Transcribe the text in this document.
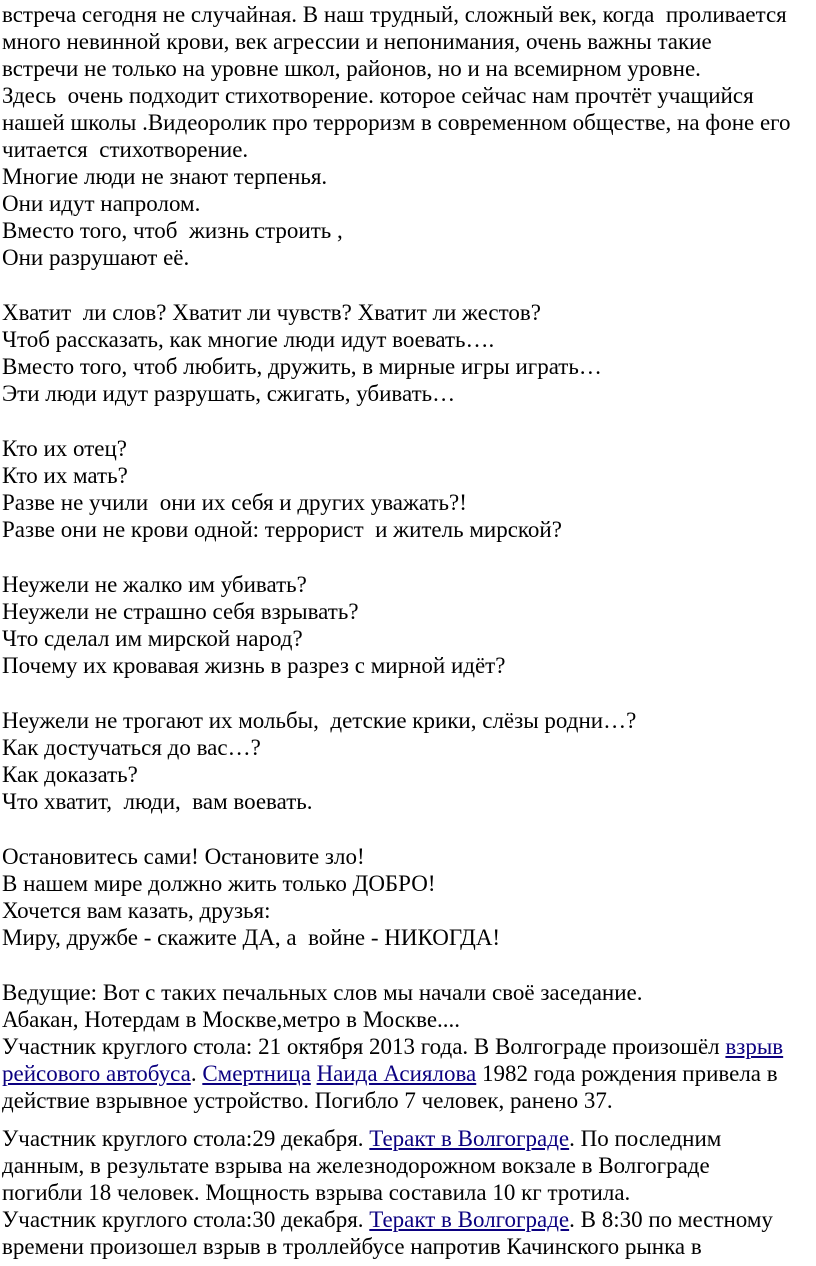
встреча сегодня не случайная. В наш трудный, сложный век, когда  проливается
много невинной крови, век агрессии и непонимания, очень важны такие
встречи не только на уровне школ, районов, но и на всемирном уровне.
Здесь  очень подходит стихотворение. которое сейчас нам прочтёт учащийся
нашей школы .Видеоролик про терроризм в современном обществе, на фоне его
читается  стихотворение.
Многие люди не знают терпенья.
Они идут напролом.
Вместо того, чтоб  жизнь строить ,
Они разрушают её.
Хватит  ли слов? Хватит ли чувств? Хватит ли жестов?
Чтоб рассказать, как многие люди идут воевать….
Вместо того, чтоб любить, дружить, в мирные игры играть…
Эти люди идут разрушать, сжигать, убивать…
Кто их отец?
Кто их мать?
Разве не учили  они их себя и других уважать?!
Разве они не крови одной: террорист  и житель мирской?
Неужели не жалко им убивать?
Неужели не страшно себя взрывать?
Что сделал им мирской народ?
Почему их кровавая жизнь в разрез с мирной идёт?
Неужели не трогают их мольбы,  детские крики, слёзы родни…?
Как достучаться до вас…?
Как доказать?
Что хватит,  люди,  вам воевать.
Остановитесь сами! Остановите зло!
В нашем мире должно жить только ДОБРО!
Хочется вам казать, друзья:
Миру, дружбе - скажите ДА, а  войне - НИКОГДА!
Ведущие: Вот с таких печальных слов мы начали своё заседание.
Абакан, Нотердам в Москве,метро в Москве....
Участник круглого стола: 21 октября 2013 года. В Волгограде произошёл взрыв
рейсового автобуса. Смертница Наида Асиялова 1982 года рождения привела в
действие взрывное устройство. Погибло 7 человек, ранено 37.
Участник круглого стола:29 декабря. Теракт в Волгограде. По последним
данным, в результате взрыва на железнодорожном вокзале в Волгограде
погибли 18 человек. Мощность взрыва составила 10 кг тротила.
Участник круглого стола:30 декабря. Теракт в Волгограде. В 8:30 по местному
времени произошел взрыв в троллейбусе напротив Качинского рынка в
